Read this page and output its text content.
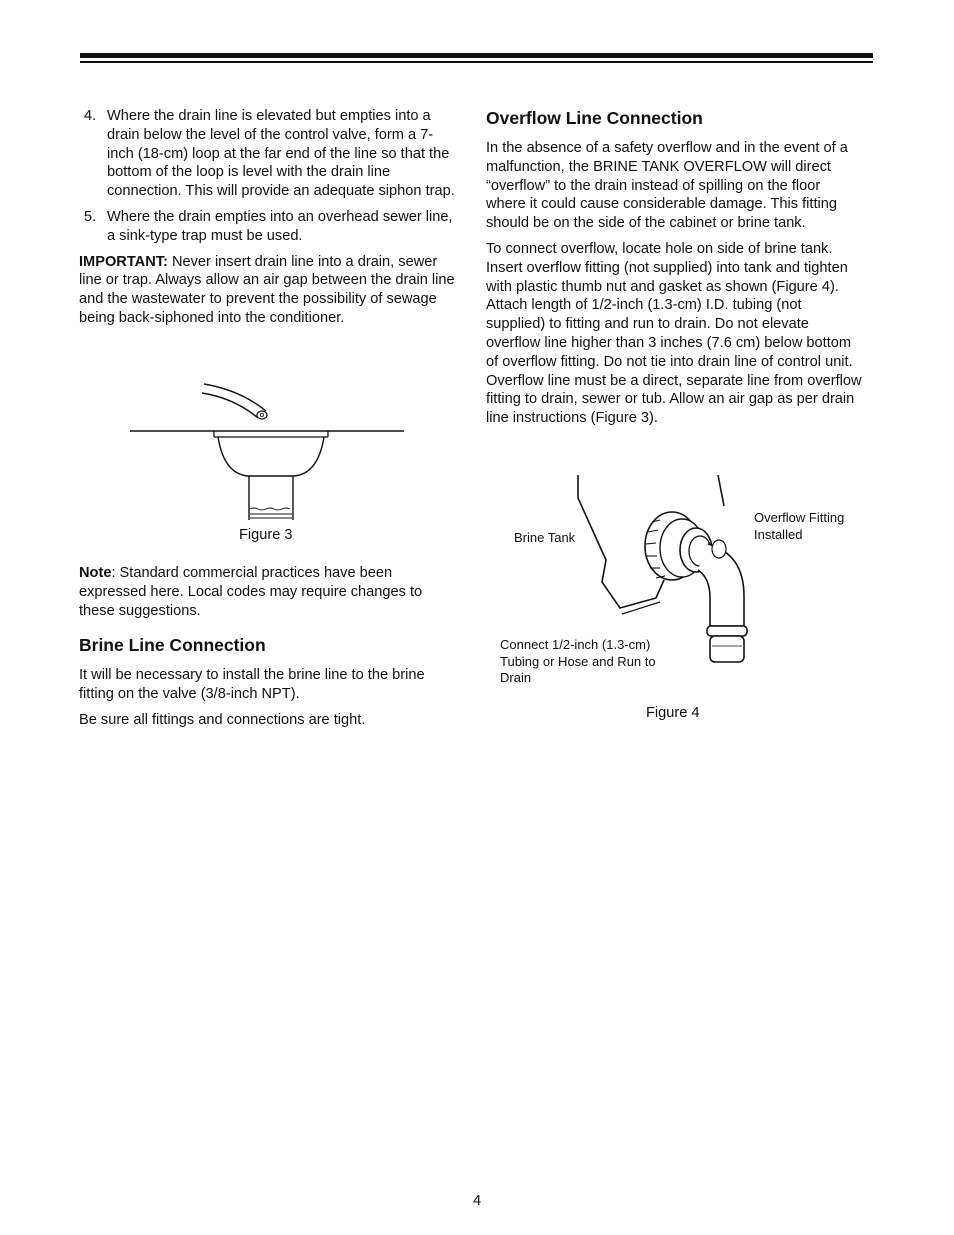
4. Where the drain line is elevated but empties into a drain below the level of the control valve, form a 7-inch (18-cm) loop at the far end of the line so that the bottom of the loop is level with the drain line connection. This will provide an adequate siphon trap.
5. Where the drain empties into an overhead sewer line, a sink-type trap must be used.

IMPORTANT: Never insert drain line into a drain, sewer line or trap. Always allow an air gap between the drain line and the wastewater to prevent the possibility of sewage being back-siphoned into the conditioner.

Figure 3

Note: Standard commercial practices have been expressed here. Local codes may require changes to these suggestions.

Brine Line Connection

It will be necessary to install the brine line to the brine fitting on the valve (3/8-inch NPT).

Be sure all fittings and connections are tight.

Overflow Line Connection

In the absence of a safety overflow and in the event of a malfunction, the BRINE TANK OVERFLOW will direct “overflow” to the drain instead of spilling on the floor where it could cause considerable damage. This fitting should be on the side of the cabinet or brine tank.

To connect overflow, locate hole on side of brine tank. Insert overflow fitting (not supplied) into tank and tighten with plastic thumb nut and gasket as shown (Figure 4). Attach length of 1/2-inch (1.3-cm) I.D. tubing (not supplied) to fitting and run to drain. Do not elevate overflow line higher than 3 inches (7.6 cm) below bottom of overflow fitting. Do not tie into drain line of control unit. Overflow line must be a direct, separate line from overflow fitting to drain, sewer or tub. Allow an air gap as per drain line instructions (Figure 3).

Brine Tank
Overflow Fitting Installed
Connect 1/2-inch (1.3-cm) Tubing or Hose and Run to Drain
Figure 4
4
